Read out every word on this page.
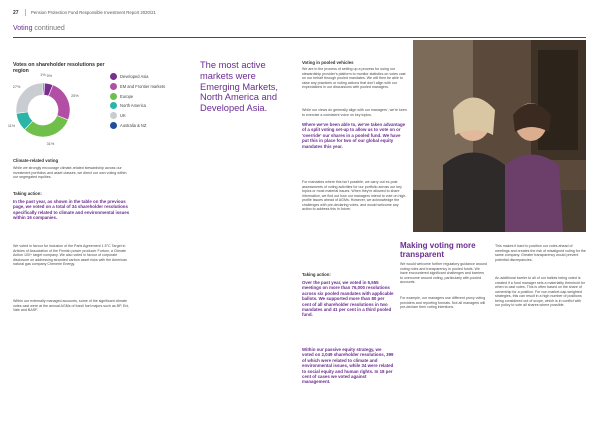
27	Pension Protection Fund Responsible Investment Report 2020/21
Voting continued
Votes on shareholder resolutions per region
1% 5%
25%
31%
11%
27%
Developed Asia
EM and Frontier markets
Europe
North America
UK
Australia & NZ
The most active markets were Emerging Markets, North America and Developed Asia.
Climate-related voting
While we strongly encourage climate-related stewardship across our investment portfolios and asset classes, we direct our own voting within our segregated equities.
Taking action:
In the past year, as shown in the table on the previous page, we voted on a total of 34 shareholder resolutions specifically related to climate and environmental issues within 16 companies.
We voted in favour for inclusion of the Paris Agreement 1.5°C Target in Articles of Association of the Finnish power producer Fortum, a Climate Action 100+ target company. We also voted in favour of corporate disclosure on addressing stranded carbon asset risks with the American natural gas company Chenerie Energy.
Within our externally managed accounts, some of the significant climate votes cast were at the annual AGMs of fossil fuel majors such as BP, Eni, Vale and BASF.
Voting in pooled vehicles
We are in the process of setting up a process for using our stewardship provider's platform to monitor statistics on votes cast on our behalf through pooled mandates. We will then be able to raise any practices or voting actions that don't align with our expectations in our discussions with pooled managers.
While our views do generally align with our managers', we're keen to exercise a consistent voice on key topics.
Where we've been able to, we've taken advantage of a split voting set-up to allow us to vote on or 'override' our shares in a pooled fund. We have put this in place for two of our global equity mandates this year.
For mandates where this isn't possible, we carry out ex-post assessments of voting activities for our portfolio across our key topics or most material issues. When they're allowed to share information, we find out how our managers intend to vote on high-profile issues ahead of AGMs. However, we acknowledge the challenges with pre-declaring votes, and would welcome any action to address this in future.
Taking action:
Over the past year, we voted in 5,555 meetings on more than 76,000 resolutions across six pooled mandates with applicable ballots. We supported more than 80 per cent of all shareholder resolutions in two mandates and 41 per cent in a third pooled fund.
Within our passive equity strategy, we voted on 2,049 shareholder resolutions, 399 of which were related to climate and environmental issues, while 34 were related to social equity and human rights. In 18 per cent of cases we voted against management.
Making voting more transparent
We would welcome further regulatory guidance around voting rules and transparency in pooled funds. We have encountered significant challenges and barriers to overcome around voting, particularly with pooled accounts.
For example, our managers use different proxy voting providers and reporting formats. Not all managers will pre-declare their voting intentions.
This makes it hard to position our votes ahead of meetings and creates the risk of misaligned voting for the same company. Greater transparency would prevent potential discrepancies.
An additional barrier to all of our ballots being voted is created if a fund manager sets a materiality threshold for when to cast votes. This is often based on the share of ownership for a position. For non market-cap-weighted strategies, this can result in a high number of positions being considered out of scope, which is in conflict with our policy to vote all shares where possible.
